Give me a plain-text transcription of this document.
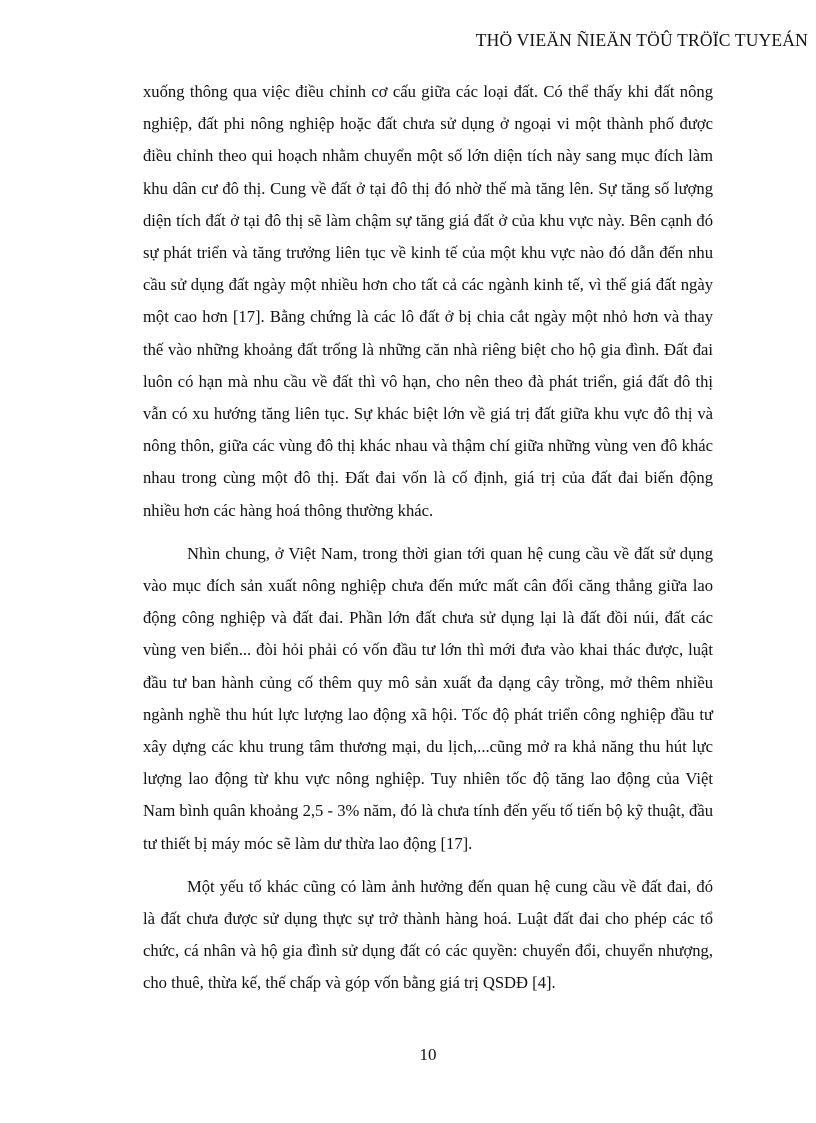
THÖ VIEÄN ÑIEÄN TÖÛ TRÖÏC TUYEÁN

xuống thông qua việc điều chỉnh cơ cấu giữa các loại đất. Có thể thấy khi đất nông nghiệp, đất phi nông nghiệp hoặc đất chưa sử dụng ở ngoại vi một thành phố được điều chỉnh theo qui hoạch nhằm chuyển một số lớn diện tích này sang mục đích làm khu dân cư đô thị. Cung về đất ở tại đô thị đó nhờ thế mà tăng lên. Sự tăng số lượng diện tích đất ở tại đô thị sẽ làm chậm sự tăng giá đất ở của khu vực này. Bên cạnh đó sự phát triển và tăng trưởng liên tục về kinh tế của một khu vực nào đó dẫn đến nhu cầu sử dụng đất ngày một nhiều hơn cho tất cả các ngành kinh tế, vì thế giá đất ngày một cao hơn [17]. Bằng chứng là các lô đất ở bị chia cắt ngày một nhỏ hơn và thay thế vào những khoảng đất trống là những căn nhà riêng biệt cho hộ gia đình. Đất đai luôn có hạn mà nhu cầu về đất thì vô hạn, cho nên theo đà phát triển, giá đất đô thị vẫn có xu hướng tăng liên tục. Sự khác biệt lớn về giá trị đất giữa khu vực đô thị và nông thôn, giữa các vùng đô thị khác nhau và thậm chí giữa những vùng ven đô khác nhau trong cùng một đô thị. Đất đai vốn là cố định, giá trị của đất đai biến động nhiều hơn các hàng hoá thông thường khác.

Nhìn chung, ở Việt Nam, trong thời gian tới quan hệ cung cầu về đất sử dụng vào mục đích sản xuất nông nghiệp chưa đến mức mất cân đối căng thẳng giữa lao động công nghiệp và đất đai. Phần lớn đất chưa sử dụng lại là đất đồi núi, đất các vùng ven biển... đòi hỏi phải có vốn đầu tư lớn thì mới đưa vào khai thác được, luật đầu tư ban hành củng cố thêm quy mô sản xuất đa dạng cây trồng, mở thêm nhiều ngành nghề thu hút lực lượng lao động xã hội. Tốc độ phát triển công nghiệp đầu tư xây dựng các khu trung tâm thương mại, du lịch,...cũng mở ra khả năng thu hút lực lượng lao động từ khu vực nông nghiệp. Tuy nhiên tốc độ tăng lao động của Việt Nam bình quân khoảng 2,5 - 3% năm, đó là chưa tính đến yếu tố tiến bộ kỹ thuật, đầu tư thiết bị máy móc sẽ làm dư thừa lao động [17].

Một yếu tố khác cũng có làm ảnh hưởng đến quan hệ cung cầu về đất đai, đó là đất chưa được sử dụng thực sự trở thành hàng hoá. Luật đất đai cho phép các tổ chức, cá nhân và hộ gia đình sử dụng đất có các quyền: chuyển đổi, chuyển nhượng, cho thuê, thừa kế, thế chấp và góp vốn bằng giá trị QSDĐ [4].

10
